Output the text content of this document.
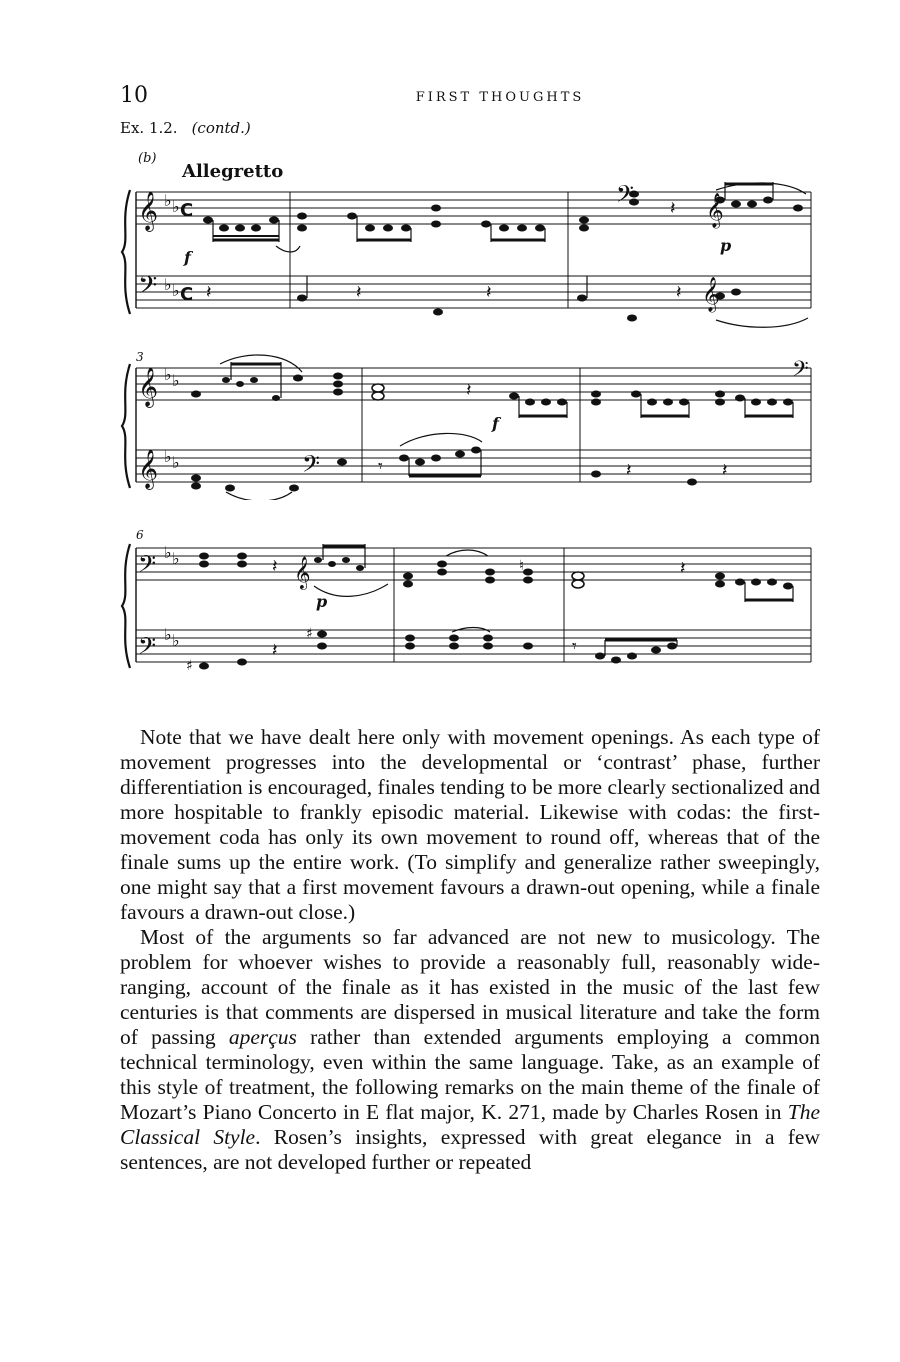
10	FIRST THOUGHTS
Ex. 1.2. (contd.)
(b)
Allegretto
𝄞
𝄢
♭ ♭
♭ ♭
C
C
𝄢 𝄞
𝄽
𝄽	𝄽	𝄽	𝄽 𝄞
f
p
3
𝄞
𝄞
♭ ♭
♭ ♭
𝄽
𝄢
𝄢	𝄾	𝄽	𝄽
f
6
𝄢
𝄢
♭ ♭
♭ ♭
𝄽 𝄞	♮	𝄽
♯
𝄽
♯
𝄾
p

Note that we have dealt here only with movement openings. As each type of movement progresses into the developmental or ‘contrast’ phase, further differentiation is encouraged, finales tending to be more clearly sectionalized and more hospitable to frankly episodic material. Likewise with codas: the first-movement coda has only its own movement to round off, whereas that of the finale sums up the entire work. (To simplify and generalize rather sweepingly, one might say that a first movement favours a drawn-out opening, while a finale favours a drawn-out close.)

Most of the arguments so far advanced are not new to musicology. The problem for whoever wishes to provide a reasonably full, reasonably wide-ranging, account of the finale as it has existed in the music of the last few centuries is that comments are dispersed in musical literature and take the form of passing aperçus rather than extended arguments employing a common technical terminology, even within the same language. Take, as an example of this style of treatment, the following remarks on the main theme of the finale of Mozart’s Piano Concerto in E flat major, K. 271, made by Charles Rosen in The Classical Style. Rosen’s insights, expressed with great elegance in a few sentences, are not developed further or repeated
